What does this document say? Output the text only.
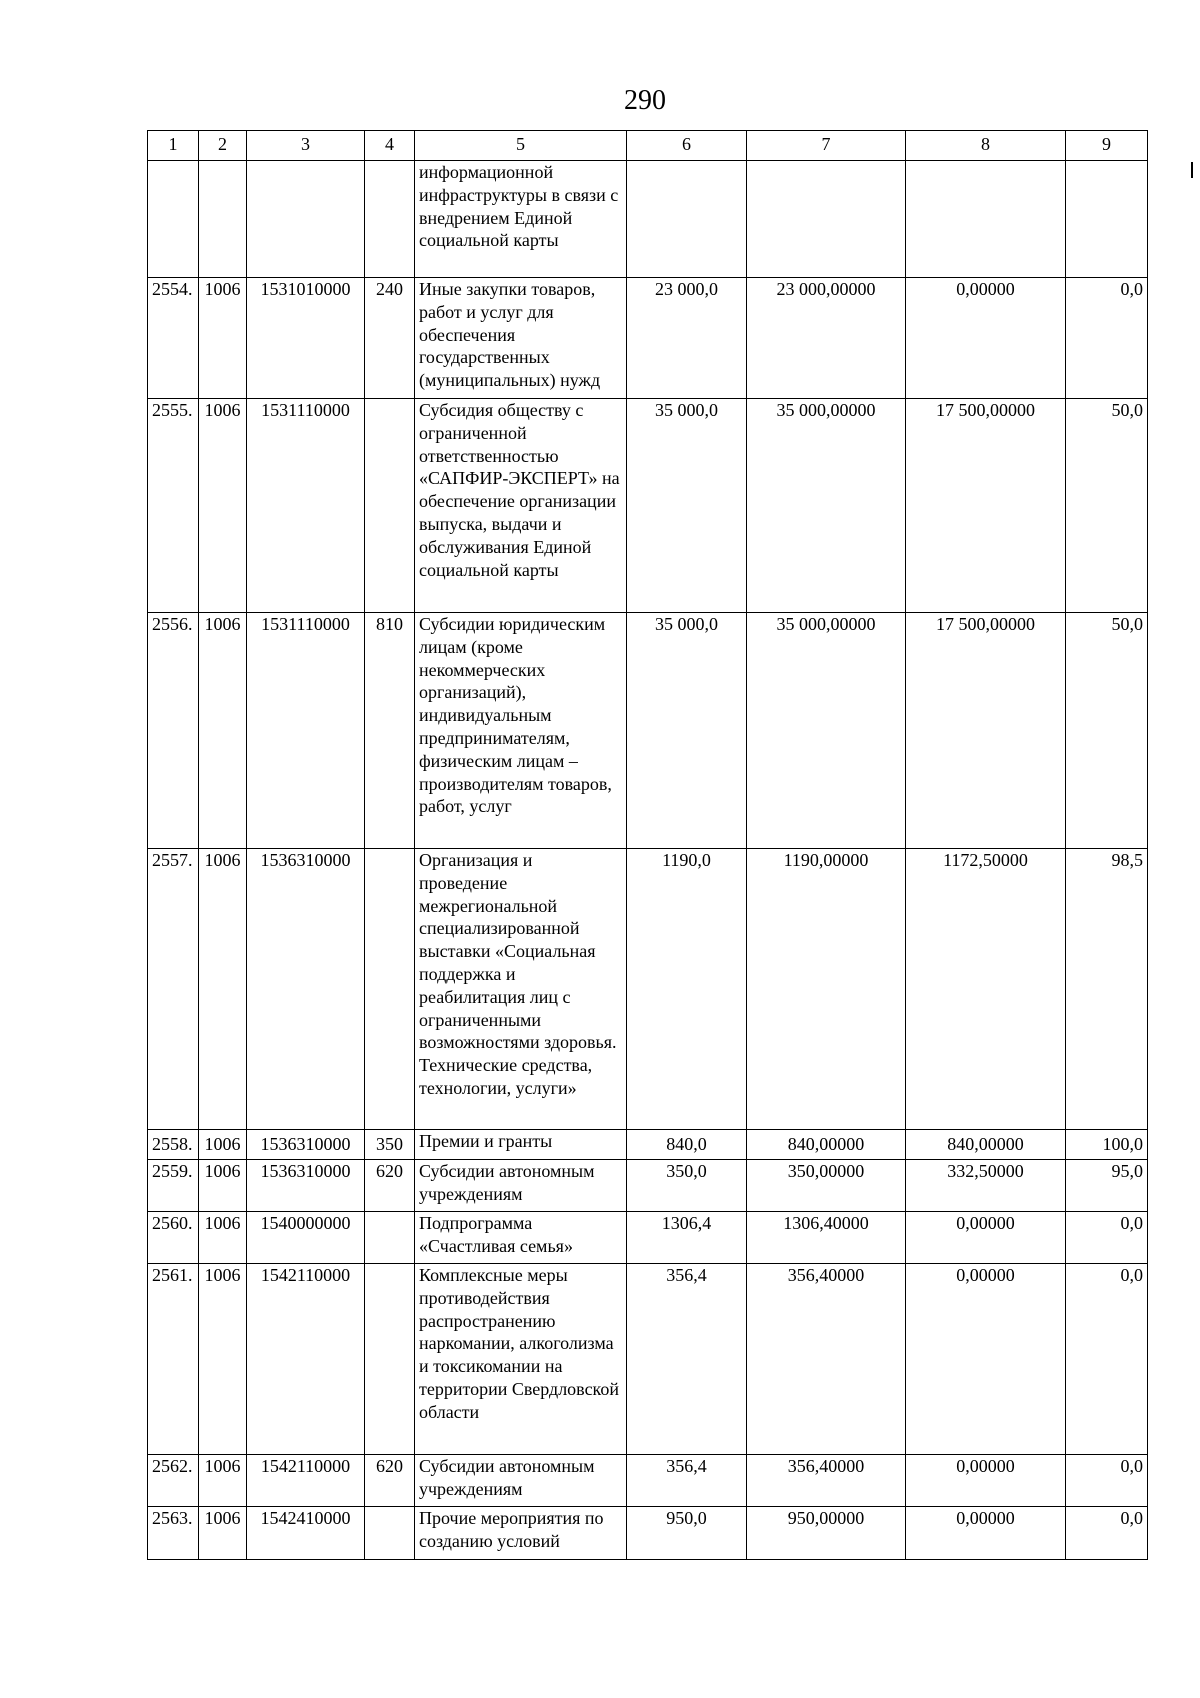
290
1	2	3	4	5	6	7	8	9
				информационной инфраструктуры в связи с внедрением Единой социальной карты				
2554.	1006	1531010000	240	Иные закупки товаров, работ и услуг для обеспечения государственных (муниципальных) нужд	23 000,0	23 000,00000	0,00000	0,0
2555.	1006	1531110000		Субсидия обществу с ограниченной ответственностью «САПФИР-ЭКСПЕРТ» на обеспечение организации выпуска, выдачи и обслуживания Единой социальной карты	35 000,0	35 000,00000	17 500,00000	50,0
2556.	1006	1531110000	810	Субсидии юридическим лицам (кроме некоммерческих организаций), индивидуальным предпринимателям, физическим лицам – производителям товаров, работ, услуг	35 000,0	35 000,00000	17 500,00000	50,0
2557.	1006	1536310000		Организация и проведение межрегиональной специализированной выставки «Социальная поддержка и реабилитация лиц с ограниченными возможностями здоровья. Технические средства, технологии, услуги»	1190,0	1190,00000	1172,50000	98,5
2558.	1006	1536310000	350	Премии и гранты	840,0	840,00000	840,00000	100,0
2559.	1006	1536310000	620	Субсидии автономным учреждениям	350,0	350,00000	332,50000	95,0
2560.	1006	1540000000		Подпрограмма «Счастливая семья»	1306,4	1306,40000	0,00000	0,0
2561.	1006	1542110000		Комплексные меры противодействия распространению наркомании, алкоголизма и токсикомании на территории Свердловской области	356,4	356,40000	0,00000	0,0
2562.	1006	1542110000	620	Субсидии автономным учреждениям	356,4	356,40000	0,00000	0,0
2563.	1006	1542410000		Прочие мероприятия по созданию условий	950,0	950,00000	0,00000	0,0
